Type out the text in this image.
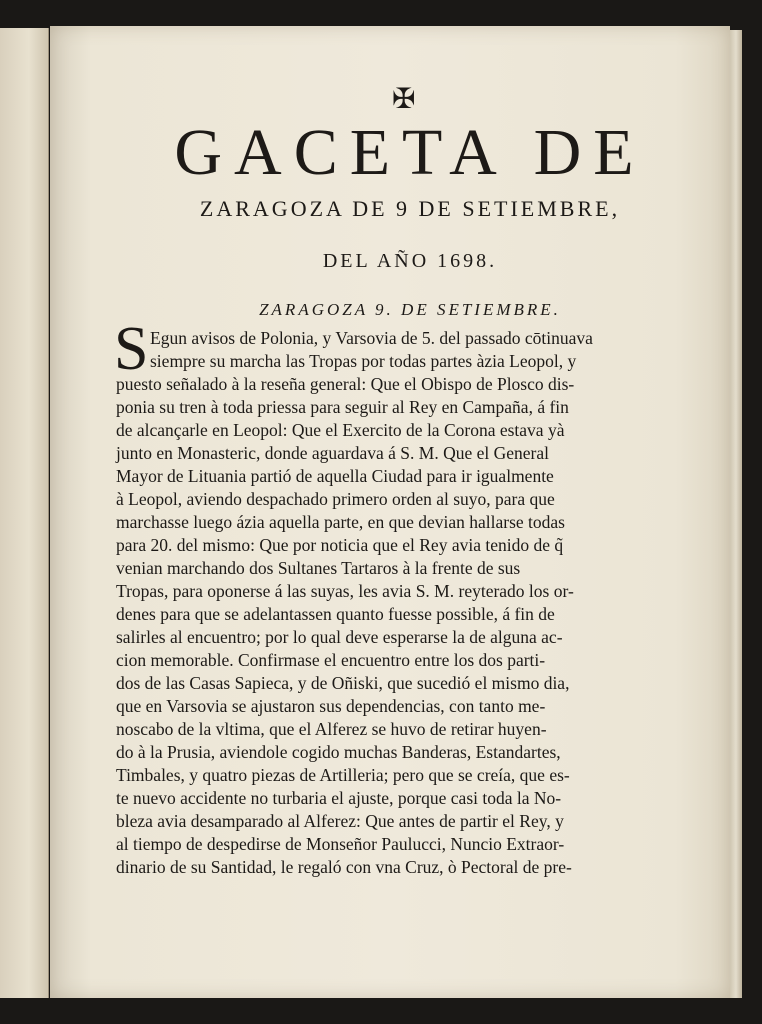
✠
GACETA DE
ZARAGOZA DE 9 DE SETIEMBRE,
DEL AÑO 1698.
ZARAGOZA 9. DE SETIEMBRE.
S Egun avisos de Polonia, y Varsovia de 5. del passado cōtinuava
siempre su marcha las Tropas por todas partes àzia Leopol, y
puesto señalado à la reseña general: Que el Obispo de Plosco dis-
ponia su tren à toda priessa para seguir al Rey en Campaña, á fin
de alcançarle en Leopol: Que el Exercito de la Corona estava yà
junto en Monasteric, donde aguardava á S. M. Que el General
Mayor de Lituania partió de aquella Ciudad para ir igualmente
à Leopol, aviendo despachado primero orden al suyo, para que
marchasse luego ázia aquella parte, en que devian hallarse todas
para 20. del mismo: Que por noticia que el Rey avia tenido de q̃
venian marchando dos Sultanes Tartaros à la frente de sus
Tropas, para oponerse á las suyas, les avia S. M. reyterado los or-
denes para que se adelantassen quanto fuesse possible, á fin de
salirles al encuentro; por lo qual deve esperarse la de alguna ac-
cion memorable. Confirmase el encuentro entre los dos parti-
dos de las Casas Sapieca, y de Oñiski, que sucedió el mismo dia,
que en Varsovia se ajustaron sus dependencias, con tanto me-
noscabo de la vltima, que el Alferez se huvo de retirar huyen-
do à la Prusia, aviendole cogido muchas Banderas, Estandartes,
Timbales, y quatro piezas de Artilleria; pero que se creía, que es-
te nuevo accidente no turbaria el ajuste, porque casi toda la No-
bleza avia desamparado al Alferez: Que antes de partir el Rey, y
al tiempo de despedirse de Monseñor Paulucci, Nuncio Extraor-
dinario de su Santidad, le regaló con vna Cruz, ò Pectoral de pre-
